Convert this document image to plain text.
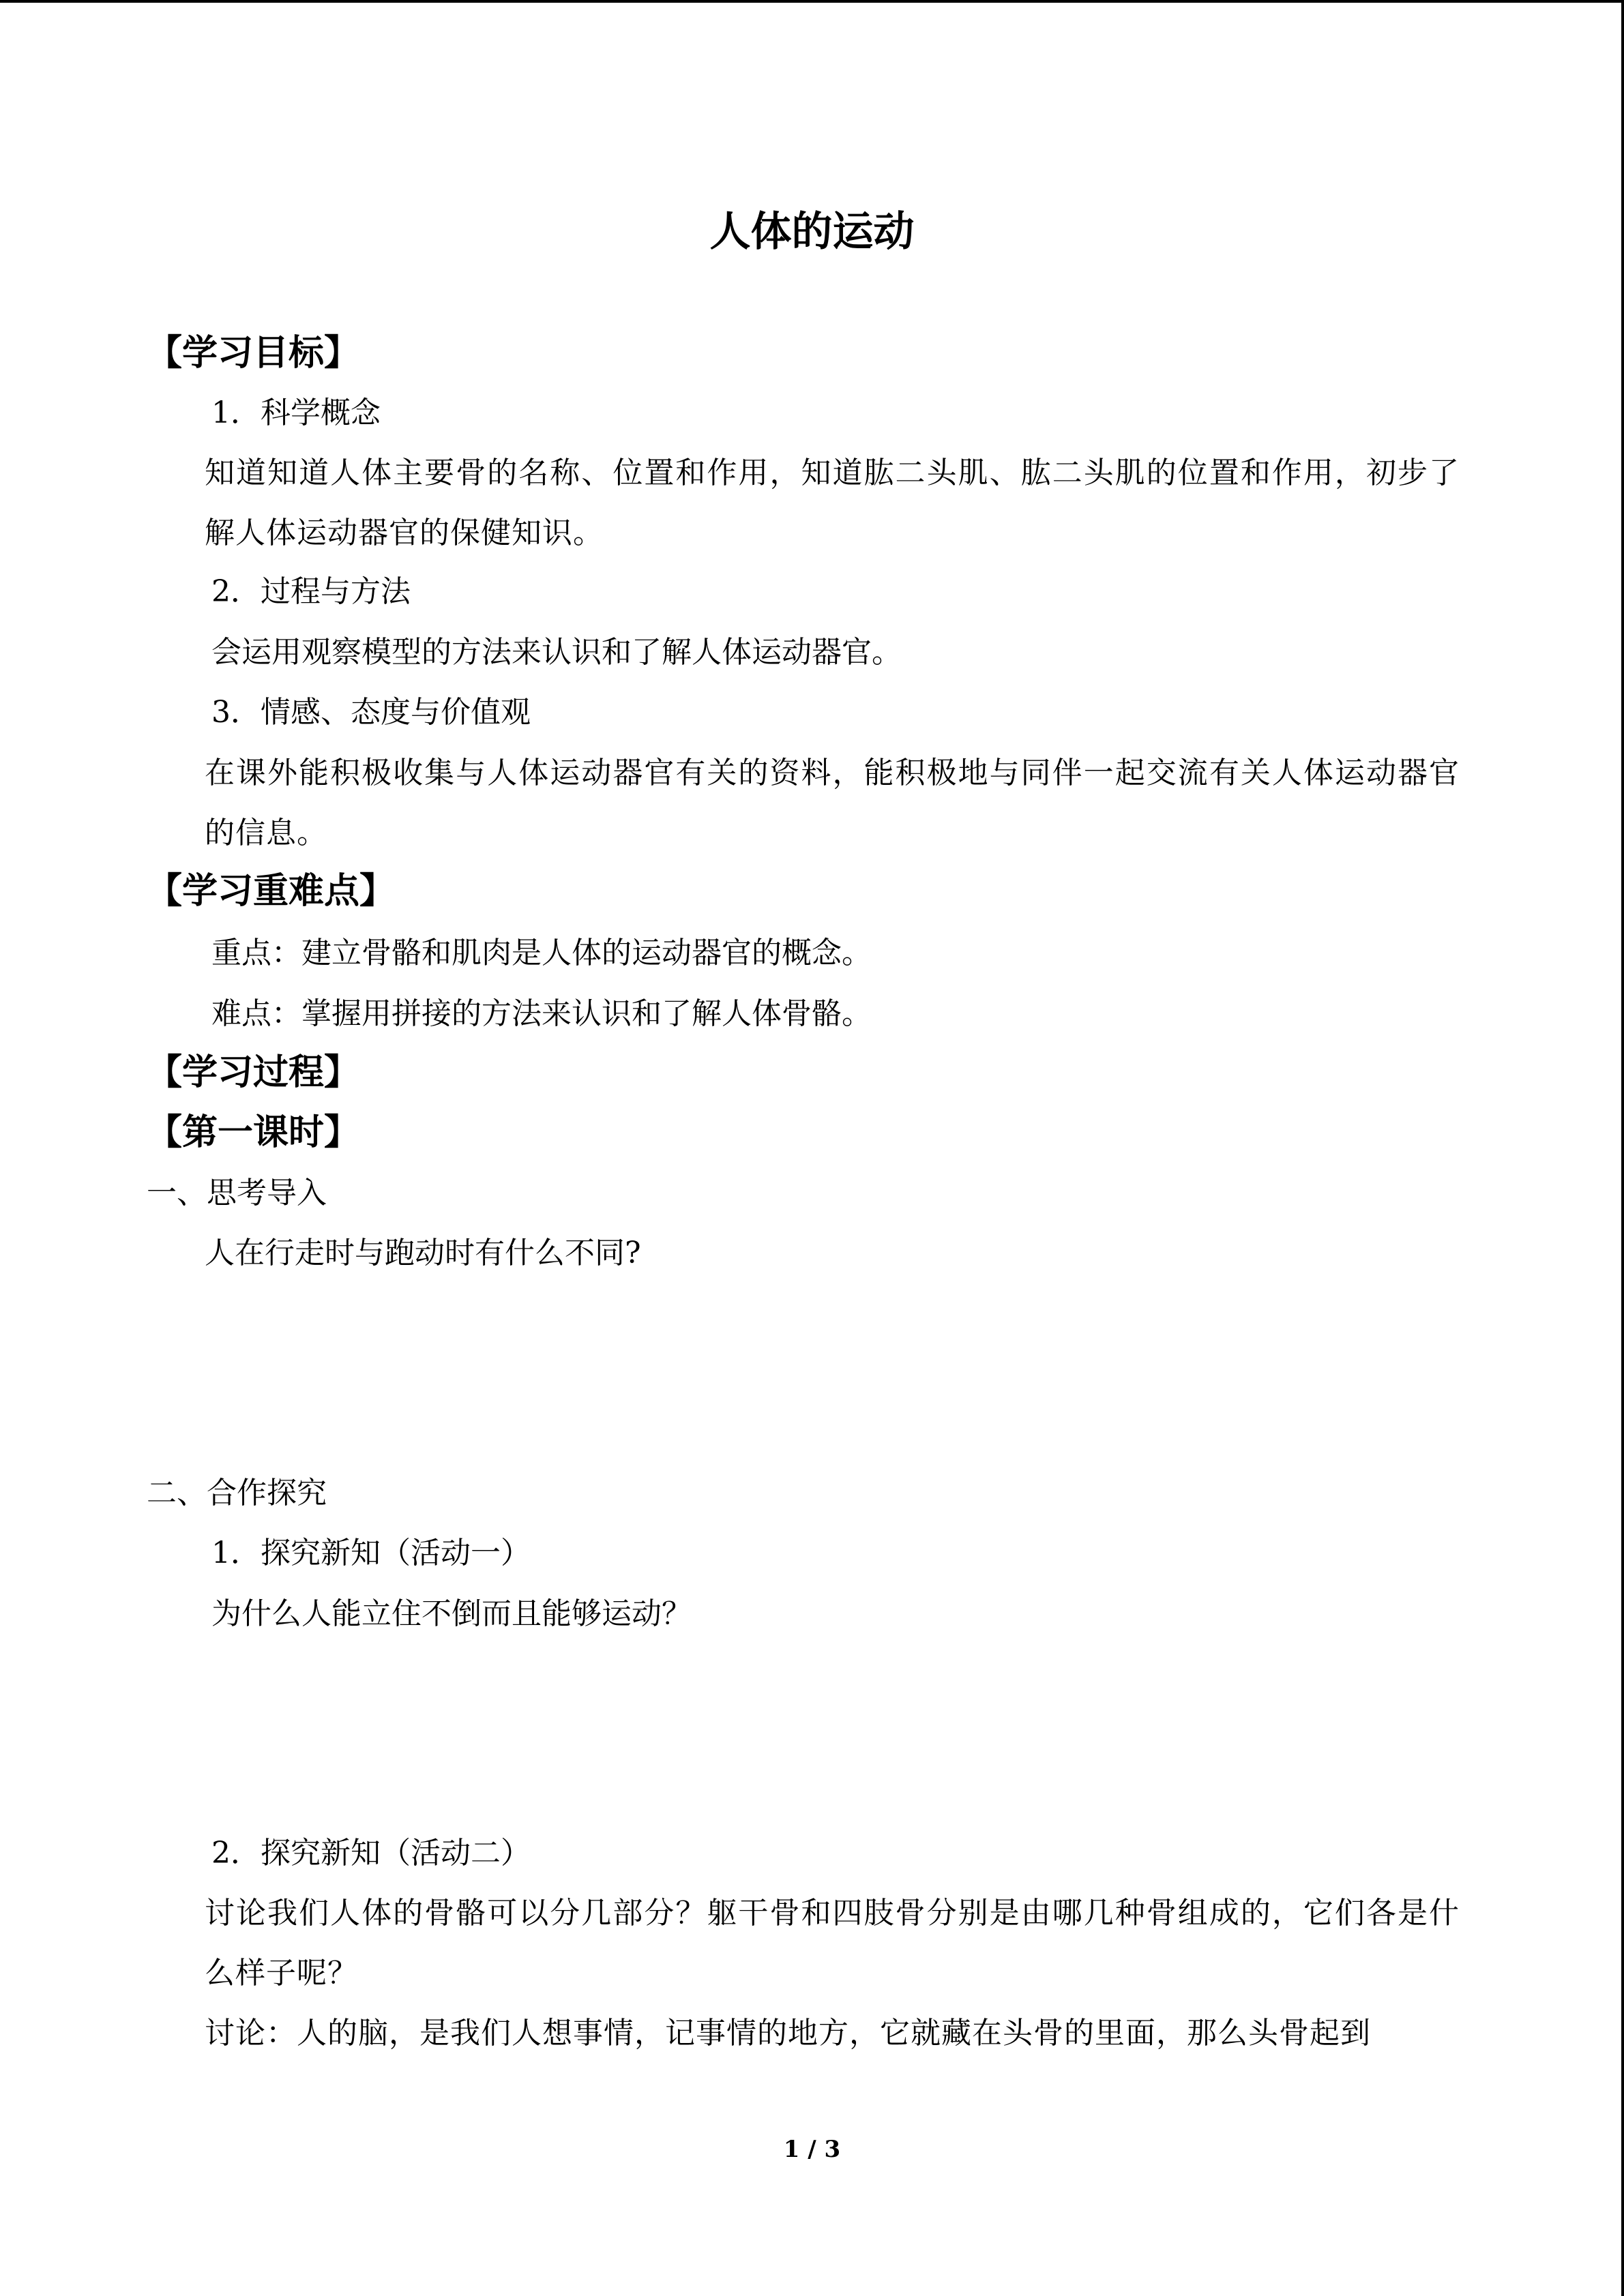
人体的运动
【学习目标】
1．科学概念
知道知道人体主要骨的名称、位置和作用，知道肱二头肌、肱二头肌的位置和作用，初步了解人体运动器官的保健知识。
2．过程与方法
会运用观察模型的方法来认识和了解人体运动器官。
3．情感、态度与价值观
在课外能积极收集与人体运动器官有关的资料，能积极地与同伴一起交流有关人体运动器官的信息。
【学习重难点】
重点：建立骨骼和肌肉是人体的运动器官的概念。
难点：掌握用拼接的方法来认识和了解人体骨骼。
【学习过程】
【第一课时】
一、思考导入
人在行走时与跑动时有什么不同?
二、合作探究
1．探究新知（活动一）
为什么人能立住不倒而且能够运动？
2．探究新知（活动二）
讨论我们人体的骨骼可以分几部分？躯干骨和四肢骨分别是由哪几种骨组成的，它们各是什么样子呢？
讨论：人的脑，是我们人想事情，记事情的地方，它就藏在头骨的里面，那么头骨起到
1 / 3
